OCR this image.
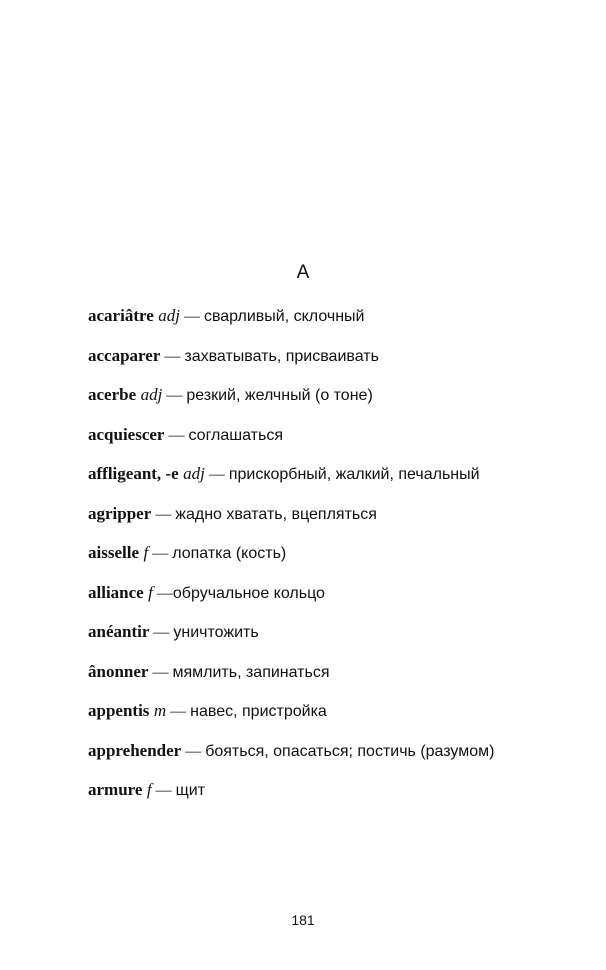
A
acariâtre adj — сварливый, склочный
accaparer — захватывать, присваивать
acerbe adj — резкий, желчный (о тоне)
acquiescer — соглашаться
affligeant, -e adj — прискорбный, жалкий, печальный
agripper — жадно хватать, вцепляться
aisselle f — лопатка (кость)
alliance f —обручальное кольцо
anéantir — уничтожить
ânonner — мямлить, запинаться
appentis m — навес, пристройка
apprehender — бояться, опасаться; постичь (разумом)
armure f — щит
181
